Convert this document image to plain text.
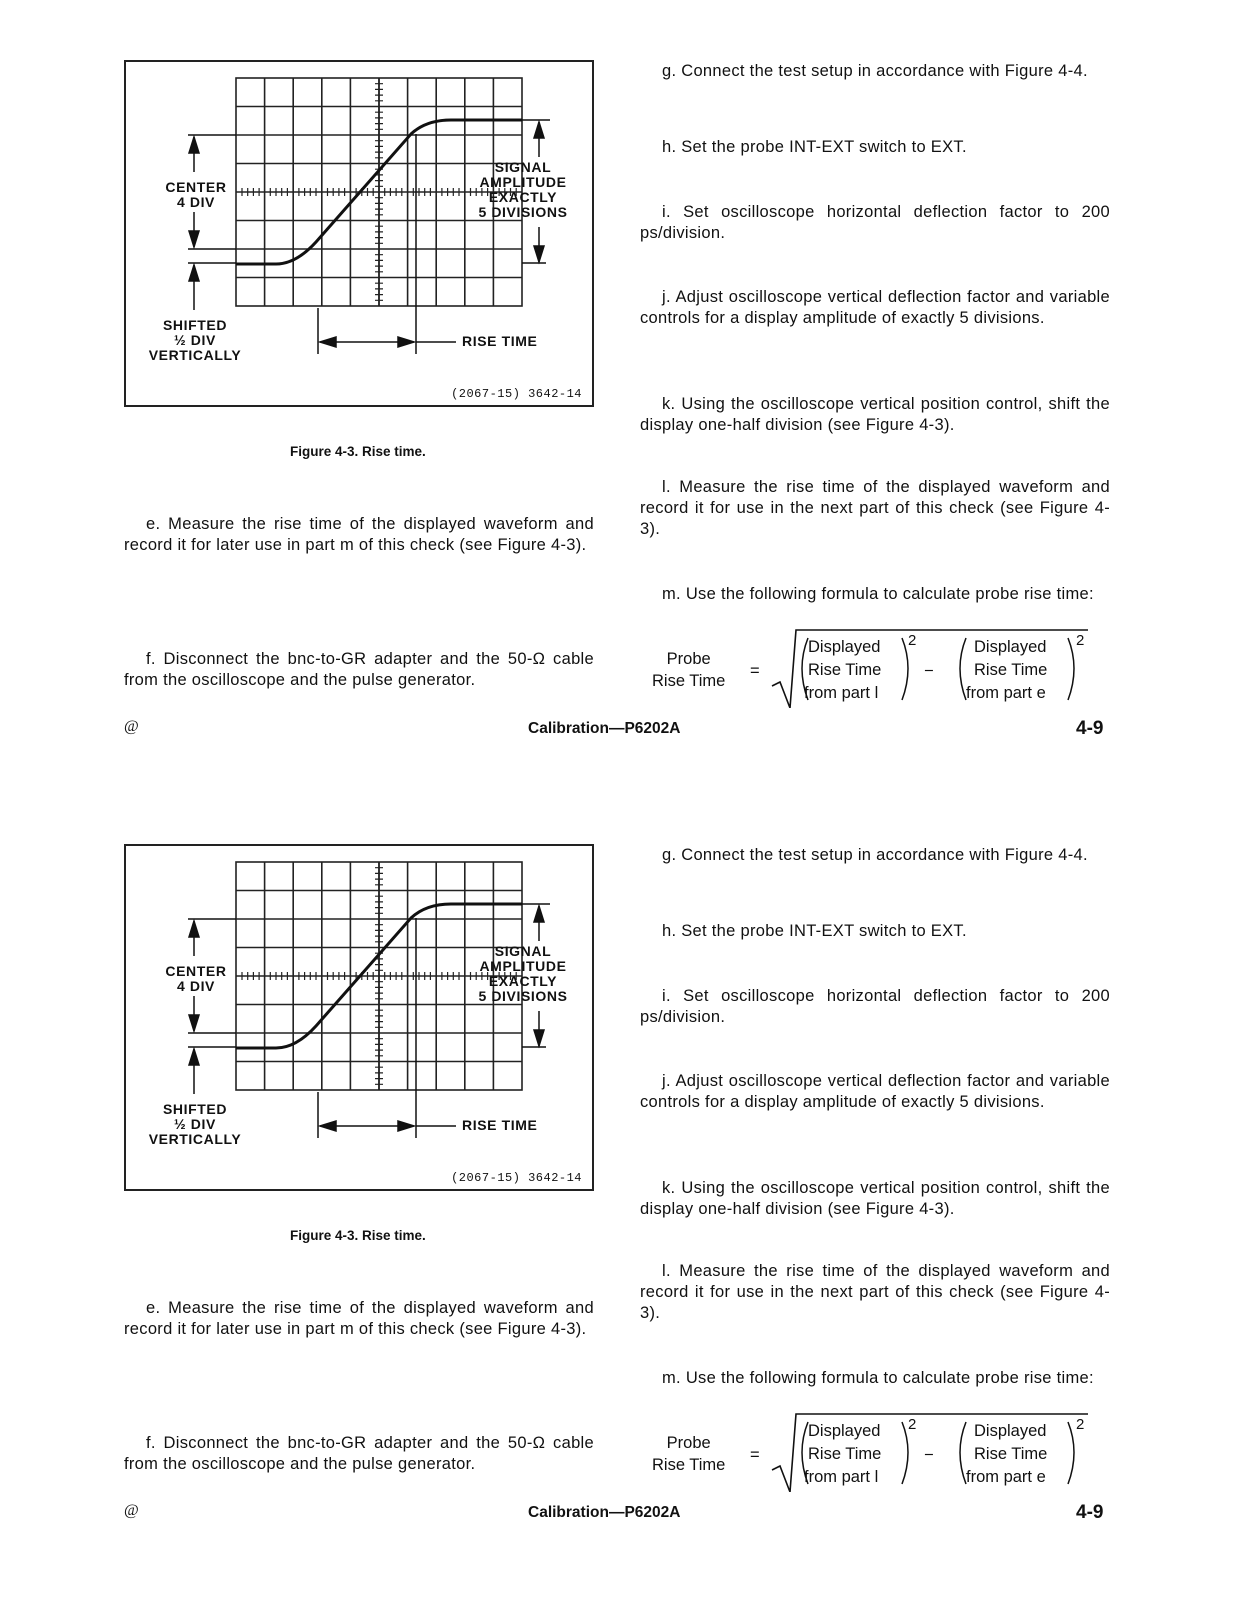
CENTER
4 DIV
SIGNAL
AMPLITUDE
EXACTLY
5 DIVISIONS
SHIFTED
½ DIV
VERTICALLY
RISE TIME
(2067-15) 3642-14
Figure 4-3. Rise time.
e. Measure the rise time of the displayed waveform and record it for later use in part m of this check (see Figure 4-3).
f. Disconnect the bnc-to-GR adapter and the 50-Ω cable from the oscilloscope and the pulse generator.
g. Connect the test setup in accordance with Figure 4-4.
h. Set the probe INT-EXT switch to EXT.
i. Set oscilloscope horizontal deflection factor to 200 ps/division.
j. Adjust oscilloscope vertical deflection factor and variable controls for a display amplitude of exactly 5 divisions.
k. Using the oscilloscope vertical position control, shift the display one-half division (see Figure 4-3).
l. Measure the rise time of the displayed waveform and record it for use in the next part of this check (see Figure 4-3).
m. Use the following formula to calculate probe rise time:
Probe
Rise Time
=	−
Displayed
Rise Time
from part l
2	Displayed
Rise Time
from part e
2
@	Calibration—P6202A	4-9
CENTER
4 DIV
SIGNAL
AMPLITUDE
EXACTLY
5 DIVISIONS
SHIFTED
½ DIV
VERTICALLY
RISE TIME
(2067-15) 3642-14
Figure 4-3. Rise time.
e. Measure the rise time of the displayed waveform and record it for later use in part m of this check (see Figure 4-3).
f. Disconnect the bnc-to-GR adapter and the 50-Ω cable from the oscilloscope and the pulse generator.
g. Connect the test setup in accordance with Figure 4-4.
h. Set the probe INT-EXT switch to EXT.
i. Set oscilloscope horizontal deflection factor to 200 ps/division.
j. Adjust oscilloscope vertical deflection factor and variable controls for a display amplitude of exactly 5 divisions.
k. Using the oscilloscope vertical position control, shift the display one-half division (see Figure 4-3).
l. Measure the rise time of the displayed waveform and record it for use in the next part of this check (see Figure 4-3).
m. Use the following formula to calculate probe rise time:
Probe
Rise Time
=	−
Displayed
Rise Time
from part l
2	Displayed
Rise Time
from part e
2
@	Calibration—P6202A	4-9
